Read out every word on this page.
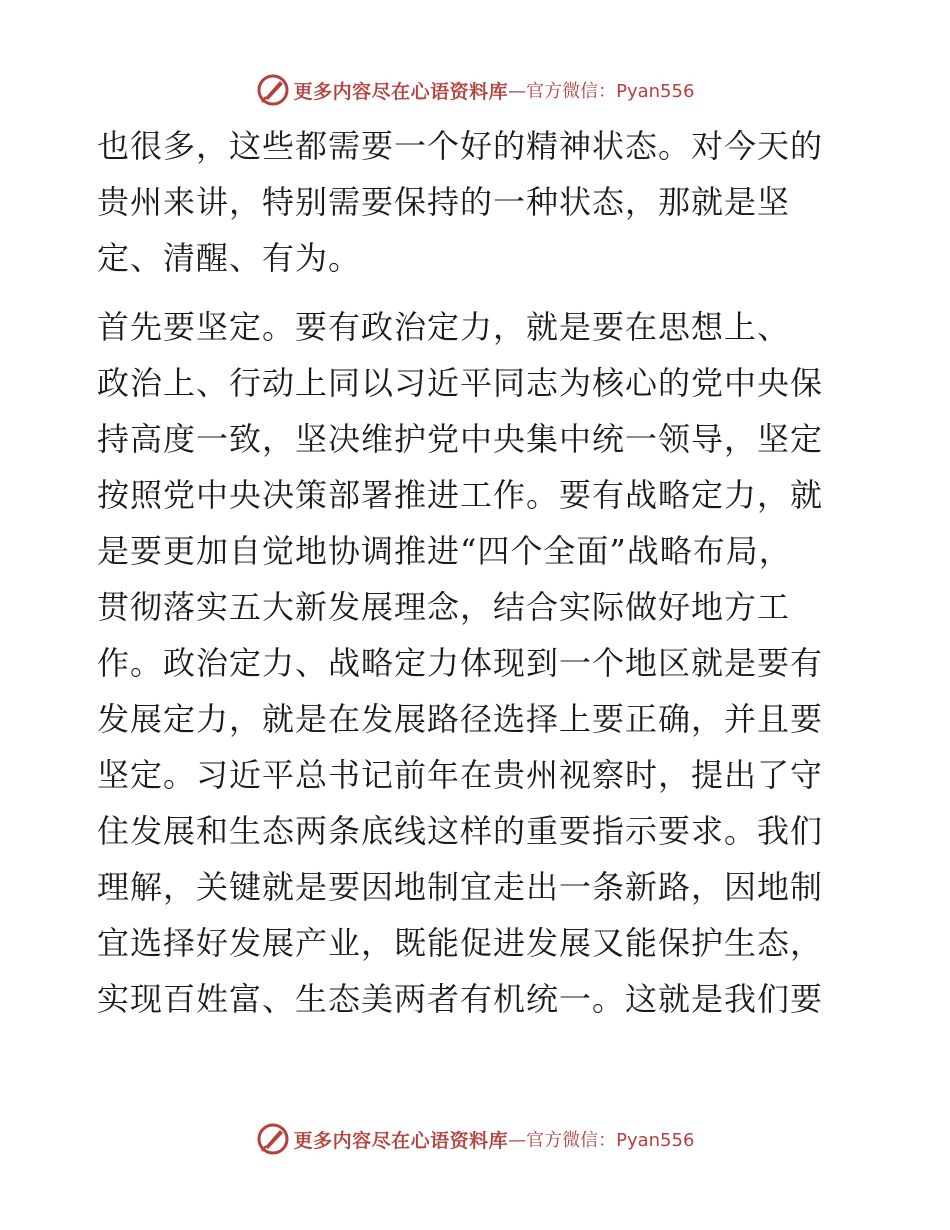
更多内容尽在心语资料库 —官方微信：Pyan556

也很多，这些都需要一个好的精神状态。对今天的
贵州来讲，特别需要保持的一种状态，那就是坚
定、清醒、有为。

首先要坚定。要有政治定力，就是要在思想上、
政治上、行动上同以习近平同志为核心的党中央保
持高度一致，坚决维护党中央集中统一领导，坚定
按照党中央决策部署推进工作。要有战略定力，就
是要更加自觉地协调推进“四个全面”战略布局，
贯彻落实五大新发展理念，结合实际做好地方工
作。政治定力、战略定力体现到一个地区就是要有
发展定力，就是在发展路径选择上要正确，并且要
坚定。习近平总书记前年在贵州视察时，提出了守
住发展和生态两条底线这样的重要指示要求。我们
理解，关键就是要因地制宜走出一条新路，因地制
宜选择好发展产业，既能促进发展又能保护生态，
实现百姓富、生态美两者有机统一。这就是我们要

更多内容尽在心语资料库 —官方微信：Pyan556
